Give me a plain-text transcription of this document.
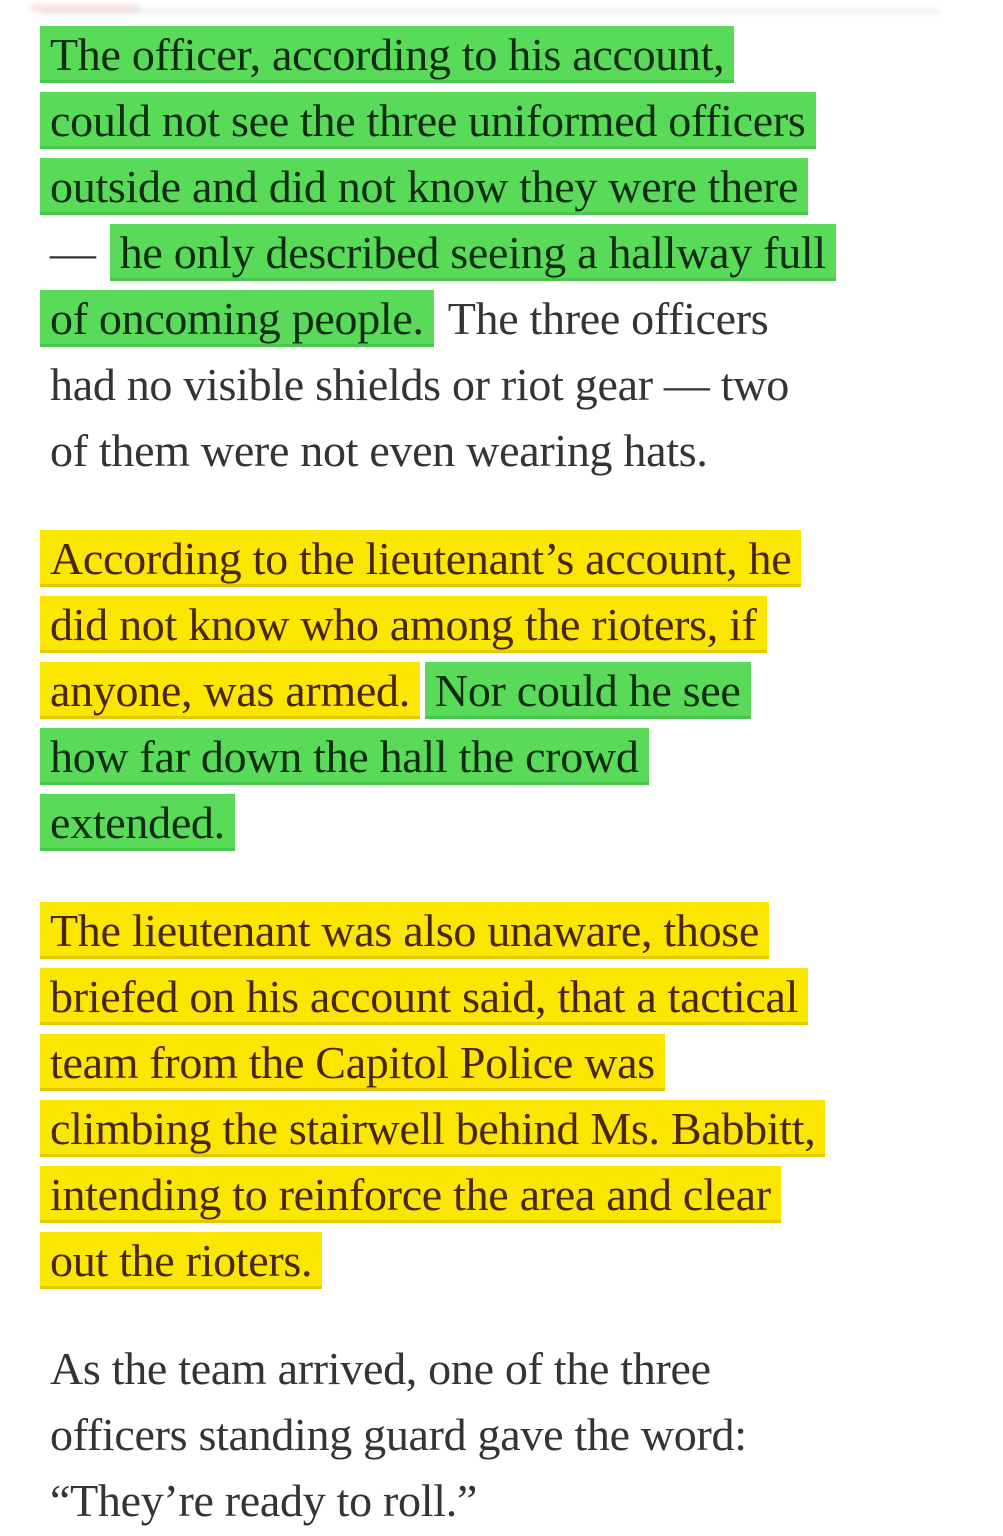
The officer, according to his account,
could not see the three uniformed officers
outside and did not know they were there
— he only described seeing a hallway full
of oncoming people. The three officers
had no visible shields or riot gear — two
of them were not even wearing hats.
According to the lieutenant’s account, he
did not know who among the rioters, if
anyone, was armed. Nor could he see
how far down the hall the crowd
extended.
The lieutenant was also unaware, those
briefed on his account said, that a tactical
team from the Capitol Police was
climbing the stairwell behind Ms. Babbitt,
intending to reinforce the area and clear
out the rioters.
As the team arrived, one of the three
officers standing guard gave the word:
“They’re ready to roll.”
